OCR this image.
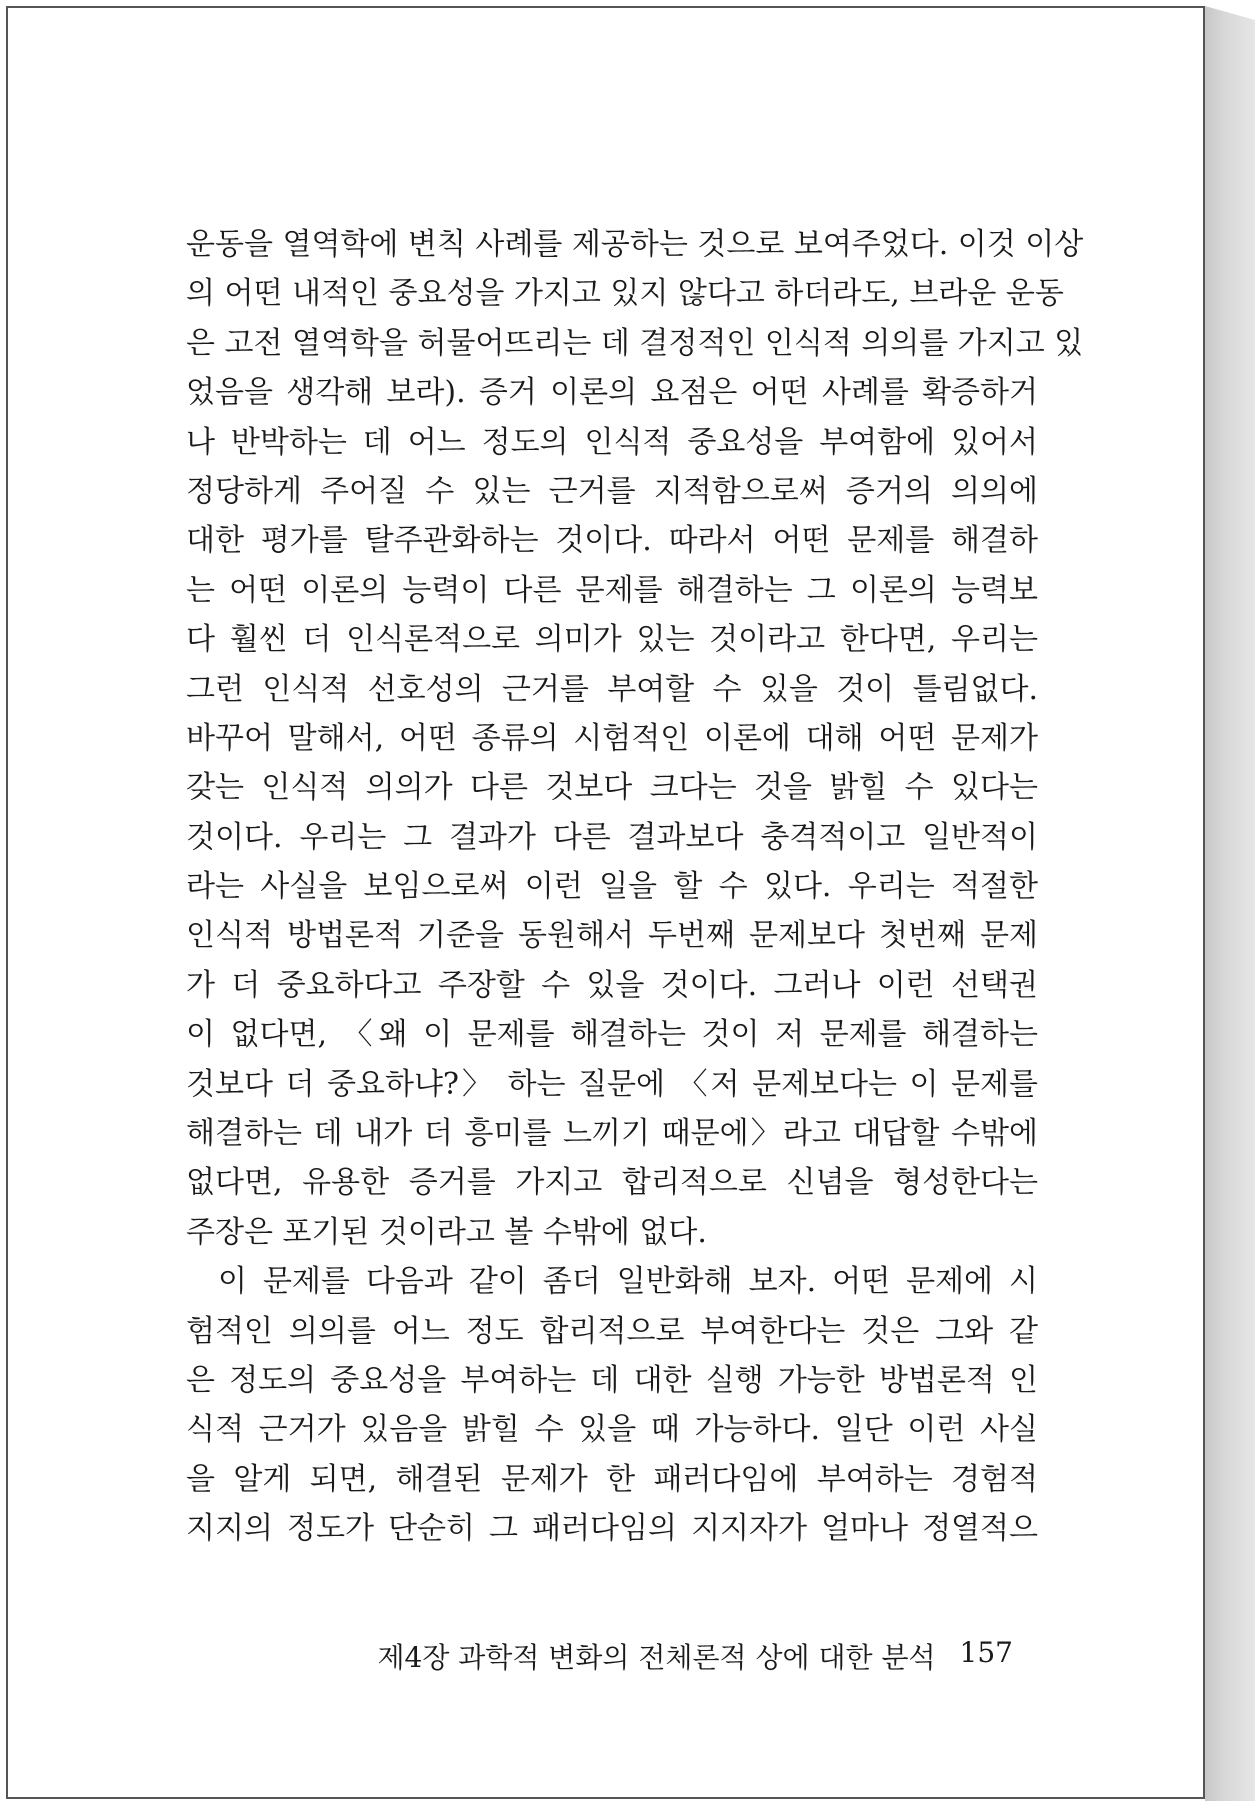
운동을 열역학에 변칙 사례를 제공하는 것으로 보여주었다. 이것 이상
의 어떤 내적인 중요성을 가지고 있지 않다고 하더라도, 브라운 운동
은 고전 열역학을 허물어뜨리는 데 결정적인 인식적 의의를 가지고 있
었음을 생각해 보라). 증거 이론의 요점은 어떤 사례를 확증하거
나 반박하는 데 어느 정도의 인식적 중요성을 부여함에 있어서
정당하게 주어질 수 있는 근거를 지적함으로써 증거의 의의에
대한 평가를 탈주관화하는 것이다. 따라서 어떤 문제를 해결하
는 어떤 이론의 능력이 다른 문제를 해결하는 그 이론의 능력보
다 훨씬 더 인식론적으로 의미가 있는 것이라고 한다면, 우리는
그런 인식적 선호성의 근거를 부여할 수 있을 것이 틀림없다.
바꾸어 말해서, 어떤 종류의 시험적인 이론에 대해 어떤 문제가
갖는 인식적 의의가 다른 것보다 크다는 것을 밝힐 수 있다는
것이다. 우리는 그 결과가 다른 결과보다 충격적이고 일반적이
라는 사실을 보임으로써 이런 일을 할 수 있다. 우리는 적절한
인식적 방법론적 기준을 동원해서 두번째 문제보다 첫번째 문제
가 더 중요하다고 주장할 수 있을 것이다. 그러나 이런 선택권
이 없다면, 〈왜 이 문제를 해결하는 것이 저 문제를 해결하는
것보다 더 중요하냐?〉 하는 질문에 〈저 문제보다는 이 문제를
해결하는 데 내가 더 흥미를 느끼기 때문에〉라고 대답할 수밖에
없다면, 유용한 증거를 가지고 합리적으로 신념을 형성한다는
주장은 포기된 것이라고 볼 수밖에 없다.
이 문제를 다음과 같이 좀더 일반화해 보자. 어떤 문제에 시
험적인 의의를 어느 정도 합리적으로 부여한다는 것은 그와 같
은 정도의 중요성을 부여하는 데 대한 실행 가능한 방법론적 인
식적 근거가 있음을 밝힐 수 있을 때 가능하다. 일단 이런 사실
을 알게 되면, 해결된 문제가 한 패러다임에 부여하는 경험적
지지의 정도가 단순히 그 패러다임의 지지자가 얼마나 정열적으
제4장 과학적 변화의 전체론적 상에 대한 분석 157
